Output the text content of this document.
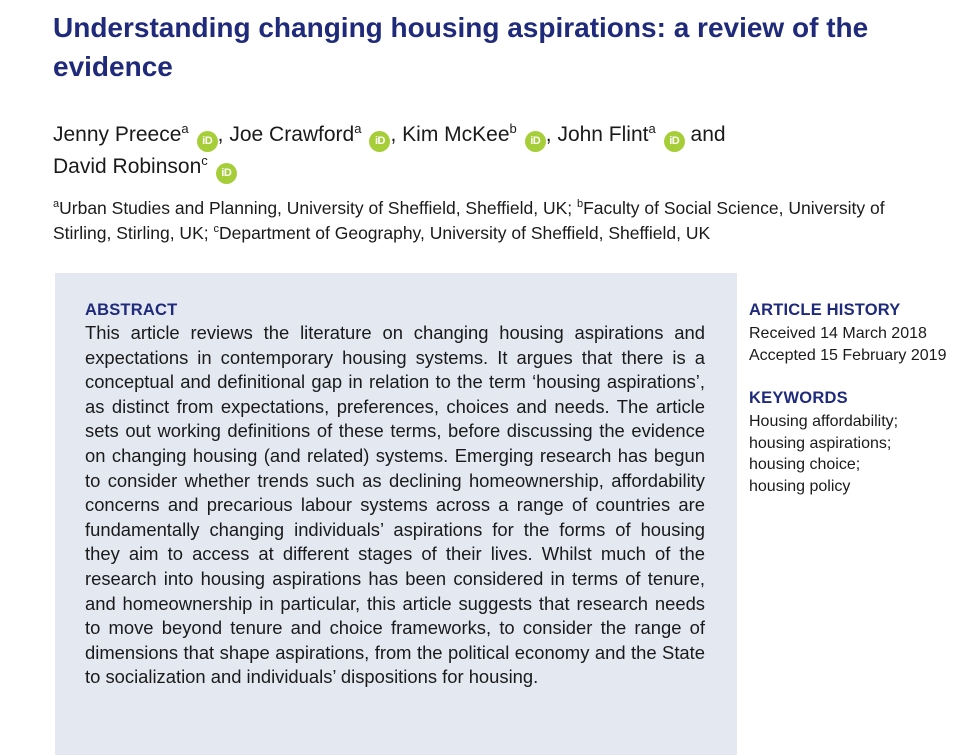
Understanding changing housing aspirations: a review of the evidence

Jenny Preece$^a$iD , Joe Crawford$^a$iD , Kim McKee$^b$iD , John Flint$^a$iD and
David Robinson$^c$iD

$^a$Urban Studies and Planning, University of Sheffield, Sheffield, UK; $^b$Faculty of Social Science, University of Stirling, Stirling, UK; $^c$Department of Geography, University of Sheffield, Sheffield, UK

ABSTRACT

This article reviews the literature on changing housing aspirations and expectations in contemporary housing systems. It argues that there is a conceptual and definitional gap in relation to the term ‘housing aspirations’, as distinct from expectations, preferences, choices and needs. The article sets out working definitions of these terms, before discussing the evidence on changing housing (and related) systems. Emerging research has begun to consider whether trends such as declining homeownership, affordability concerns and precarious labour systems across a range of countries are fundamentally changing individuals’ aspirations for the forms of housing they aim to access at different stages of their lives. Whilst much of the research into housing aspirations has been considered in terms of tenure, and homeownership in particular, this article suggests that research needs to move beyond tenure and choice frameworks, to consider the range of dimensions that shape aspirations, from the political economy and the State to socialization and individuals’ dispositions for housing.

ARTICLE HISTORY
Received 14 March 2018
Accepted 15 February 2019
KEYWORDS
Housing affordability;
housing aspirations;
housing choice;
housing policy
